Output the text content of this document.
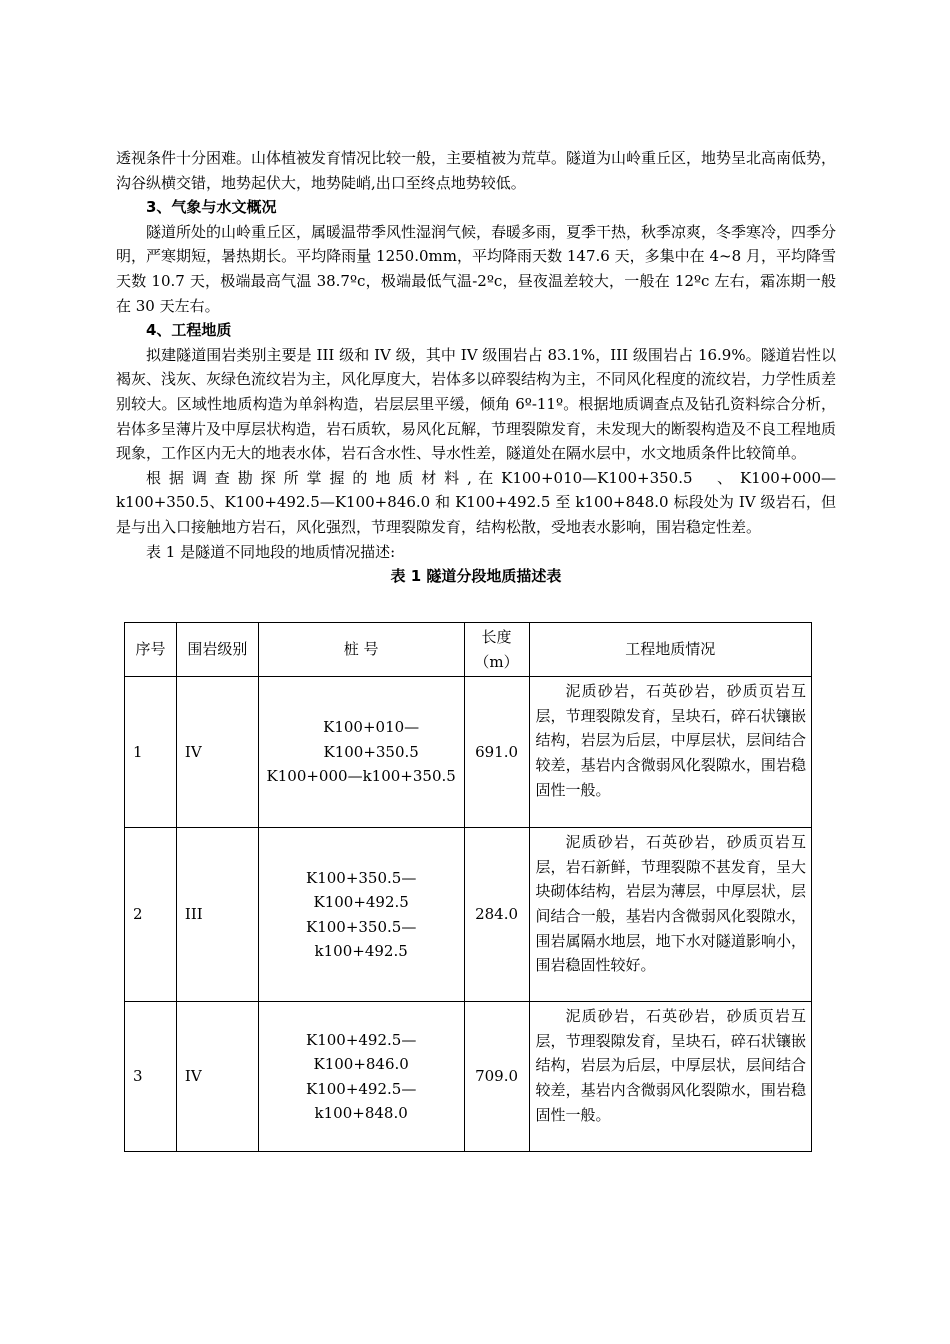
透视条件十分困难。山体植被发育情况比较一般，主要植被为荒草。隧道为山岭重丘区，地势呈北高南低势，沟谷纵横交错，地势起伏大，地势陡峭,出口至终点地势较低。

3、气象与水文概况

隧道所处的山岭重丘区，属暖温带季风性湿润气候，春暖多雨，夏季干热，秋季凉爽，冬季寒冷，四季分明，严寒期短，暑热期长。平均降雨量 1250.0mm，平均降雨天数 147.6 天，多集中在 4~8 月，平均降雪天数 10.7 天，极端最高气温 38.7ºc，极端最低气温-2ºc，昼夜温差较大，一般在 12ºc 左右，霜冻期一般在 30 天左右。

4、工程地质

拟建隧道围岩类别主要是 III 级和 IV 级，其中 IV 级围岩占 83.1%，III 级围岩占 16.9%。隧道岩性以褐灰、浅灰、灰绿色流纹岩为主，风化厚度大，岩体多以碎裂结构为主，不同风化程度的流纹岩，力学性质差别较大。区域性地质构造为单斜构造，岩层层里平缓，倾角 6º-11º。根据地质调查点及钻孔资料综合分析，岩体多呈薄片及中厚层状构造，岩石质软，易风化瓦解，节理裂隙发育，未发现大的断裂构造及不良工程地质现象，工作区内无大的地表水体，岩石含水性、导水性差，隧道处在隔水层中，水文地质条件比较简单。

根 据 调 查 勘 探 所 掌 握 的 地 质 材 料 , 在 K100+010—K100+350.5　 、 K100+000—

k100+350.5、K100+492.5—K100+846.0 和 K100+492.5 至 k100+848.0 标段处为 IV 级岩石，但是与出入口接触地方岩石，风化强烈，节理裂隙发育，结构松散，受地表水影响，围岩稳定性差。

表 1 是隧道不同地段的地质情况描述:

表 1 隧道分段地质描述表
序号	围岩级别	桩 号	长度（m）	工程地质情况
1	IV	K100+010—K100+350.5
K100+000—k100+350.5	691.0	泥质砂岩，石英砂岩，砂质页岩互层，节理裂隙发育，呈块石，碎石状镶嵌结构，岩层为后层，中厚层状，层间结合较差，基岩内含微弱风化裂隙水，围岩稳固性一般。

2	III	K100+350.5—K100+492.5
K100+350.5—k100+492.5	284.0	泥质砂岩，石英砂岩，砂质页岩互层，岩石新鲜，节理裂隙不甚发育，呈大块砌体结构，岩层为薄层，中厚层状，层间结合一般，基岩内含微弱风化裂隙水，围岩属隔水地层，地下水对隧道影响小，围岩稳固性较好。

3	IV	K100+492.5—K100+846.0
K100+492.5—k100+848.0	709.0	泥质砂岩，石英砂岩，砂质页岩互层，节理裂隙发育，呈块石，碎石状镶嵌结构，岩层为后层，中厚层状，层间结合较差，基岩内含微弱风化裂隙水，围岩稳固性一般。
